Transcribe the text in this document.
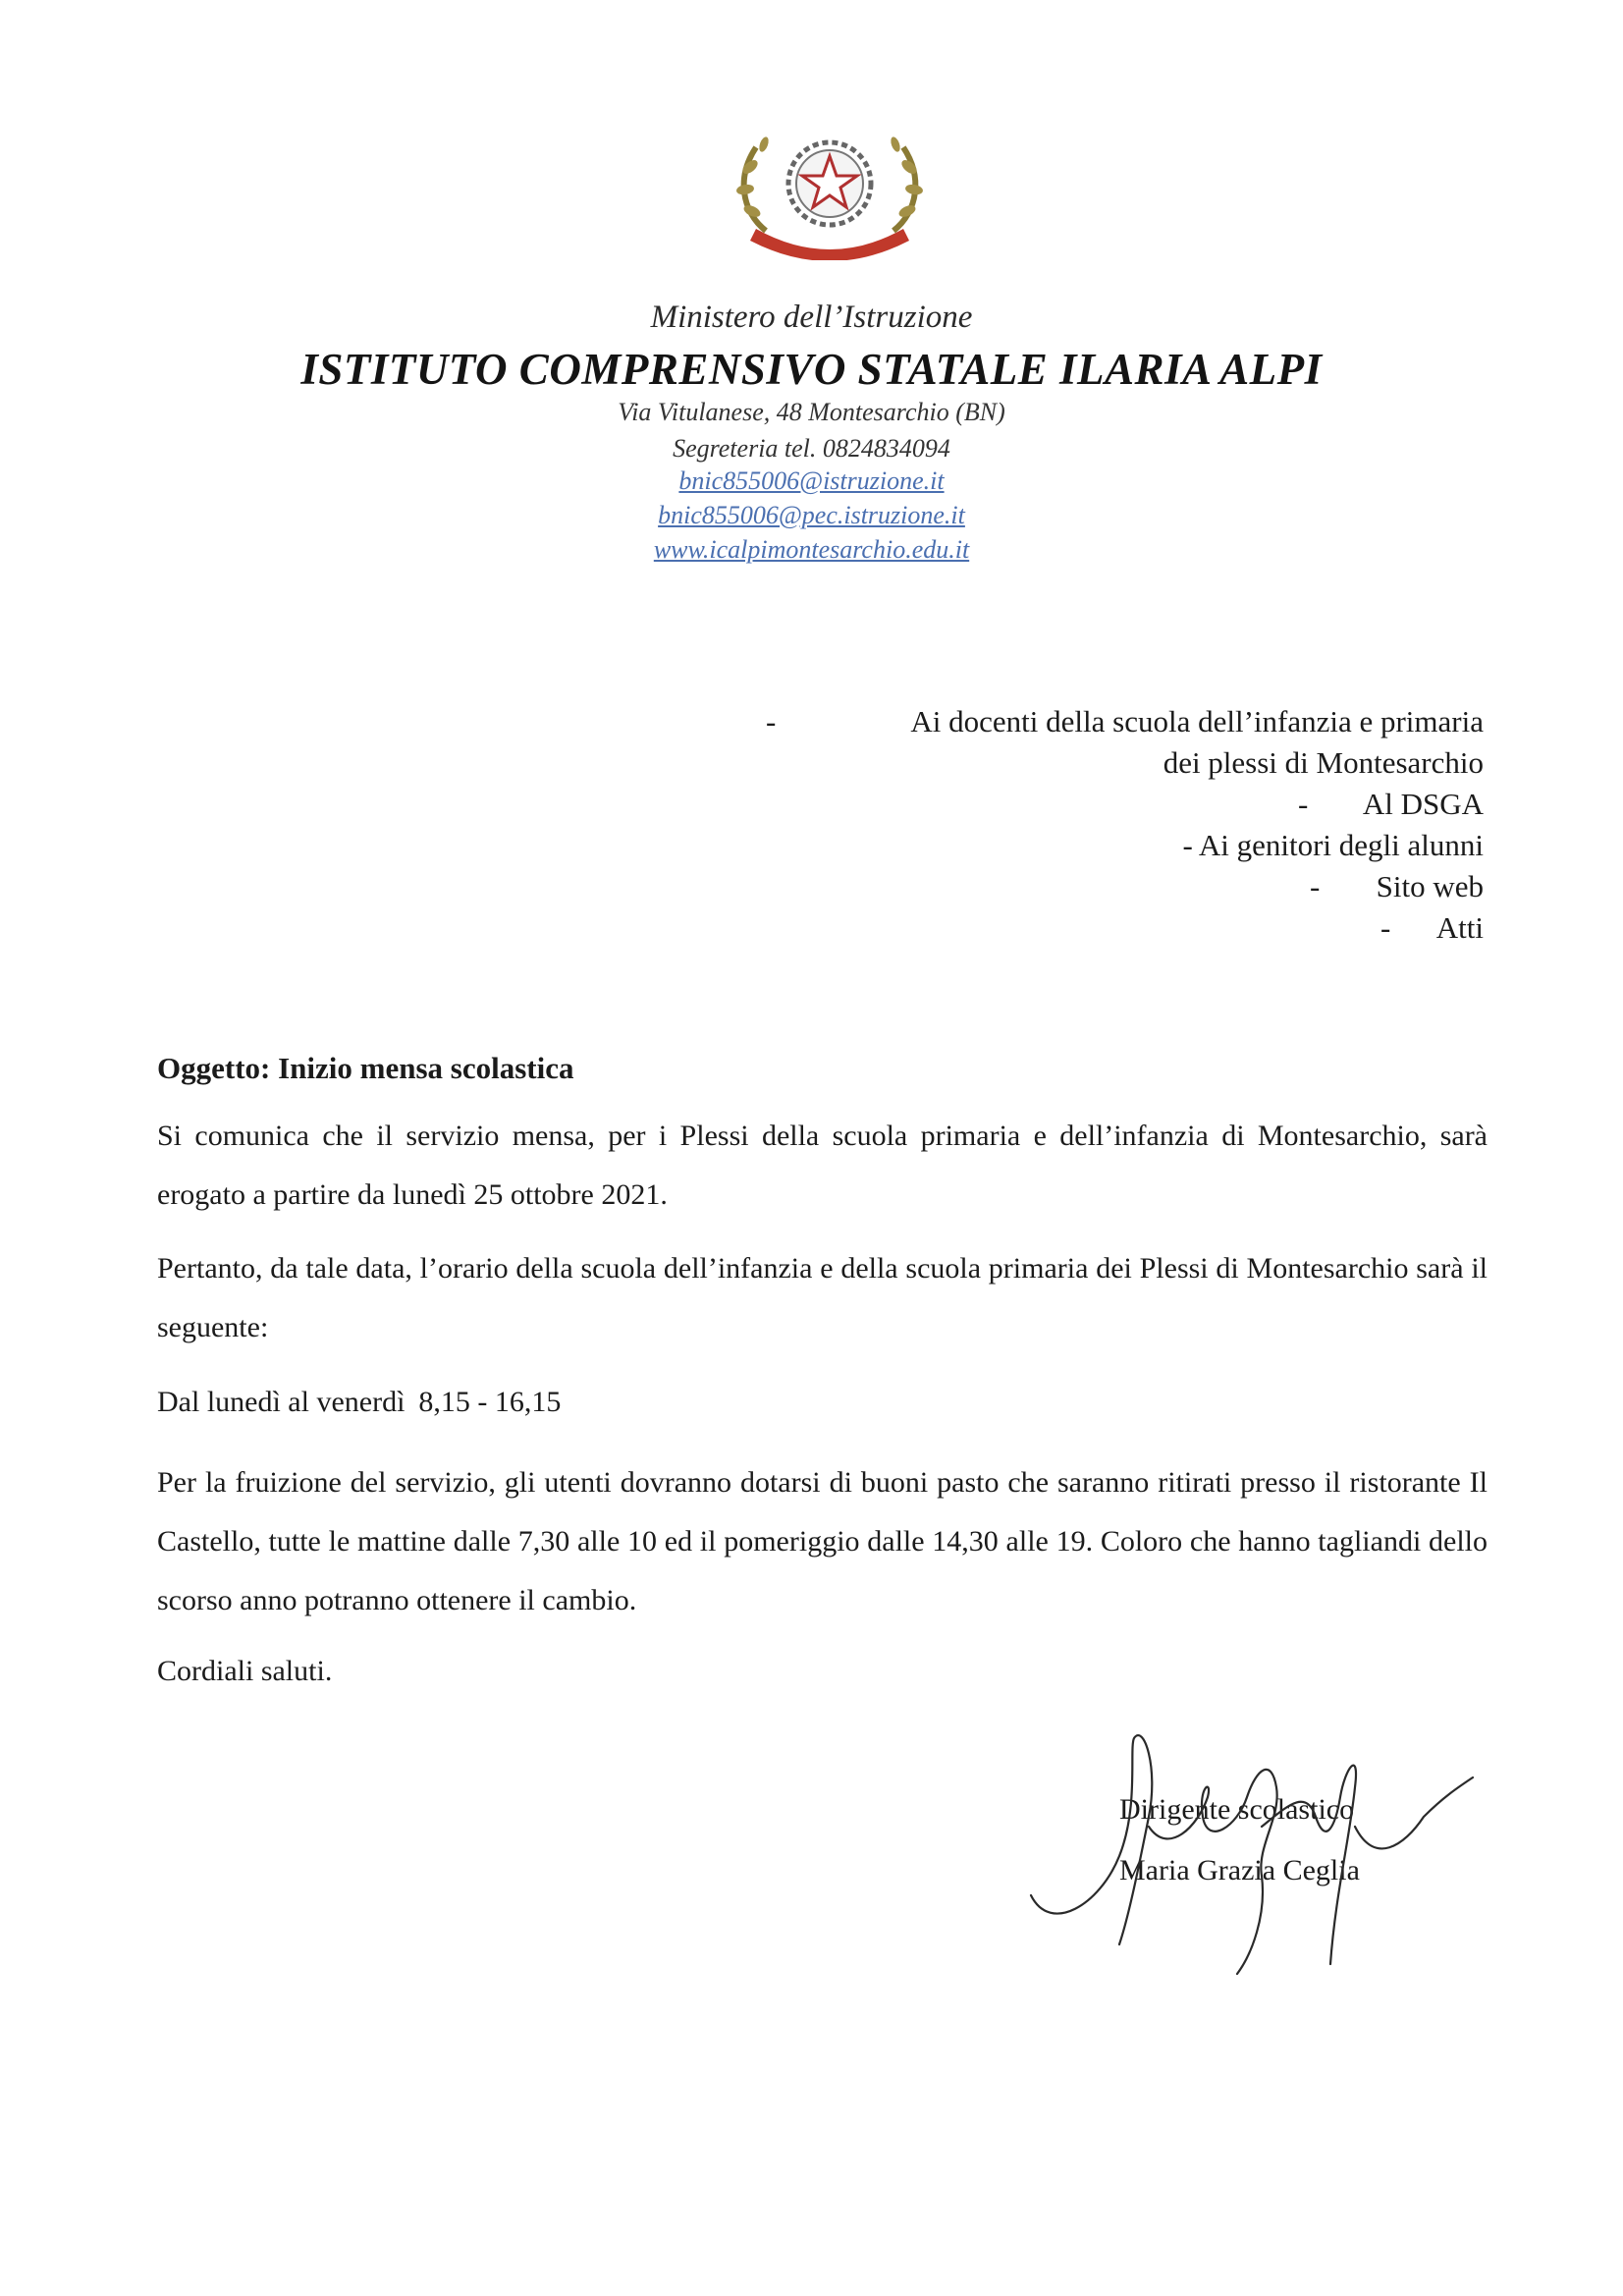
Ministero dell’Istruzione
ISTITUTO COMPRENSIVO STATALE ILARIA ALPI
Via Vitulanese, 48 Montesarchio (BN)
Segreteria tel. 0824834094
bnic855006@istruzione.it
bnic855006@pec.istruzione.it
www.icalpimontesarchio.edu.it
-	Ai docenti della scuola dell’infanzia e primaria
dei plessi di Montesarchio
- Al DSGA
- Ai genitori degli alunni
- Sito web
- Atti
Oggetto: Inizio mensa scolastica
Si comunica che il servizio mensa, per i Plessi della scuola primaria e dell’infanzia di Montesarchio, sarà erogato a partire da lunedì 25 ottobre 2021.
Pertanto, da tale data, l’orario della scuola dell’infanzia e della scuola primaria dei Plessi di Montesarchio sarà il seguente:
Dal lunedì al venerdì 8,15 - 16,15
Per la fruizione del servizio, gli utenti dovranno dotarsi di buoni pasto che saranno ritirati presso il ristorante Il Castello, tutte le mattine dalle 7,30 alle 10 ed il pomeriggio dalle 14,30 alle 19. Coloro che hanno tagliandi dello scorso anno potranno ottenere il cambio.
Cordiali saluti.
Dirigente scolastico
Maria Grazia Ceglia
